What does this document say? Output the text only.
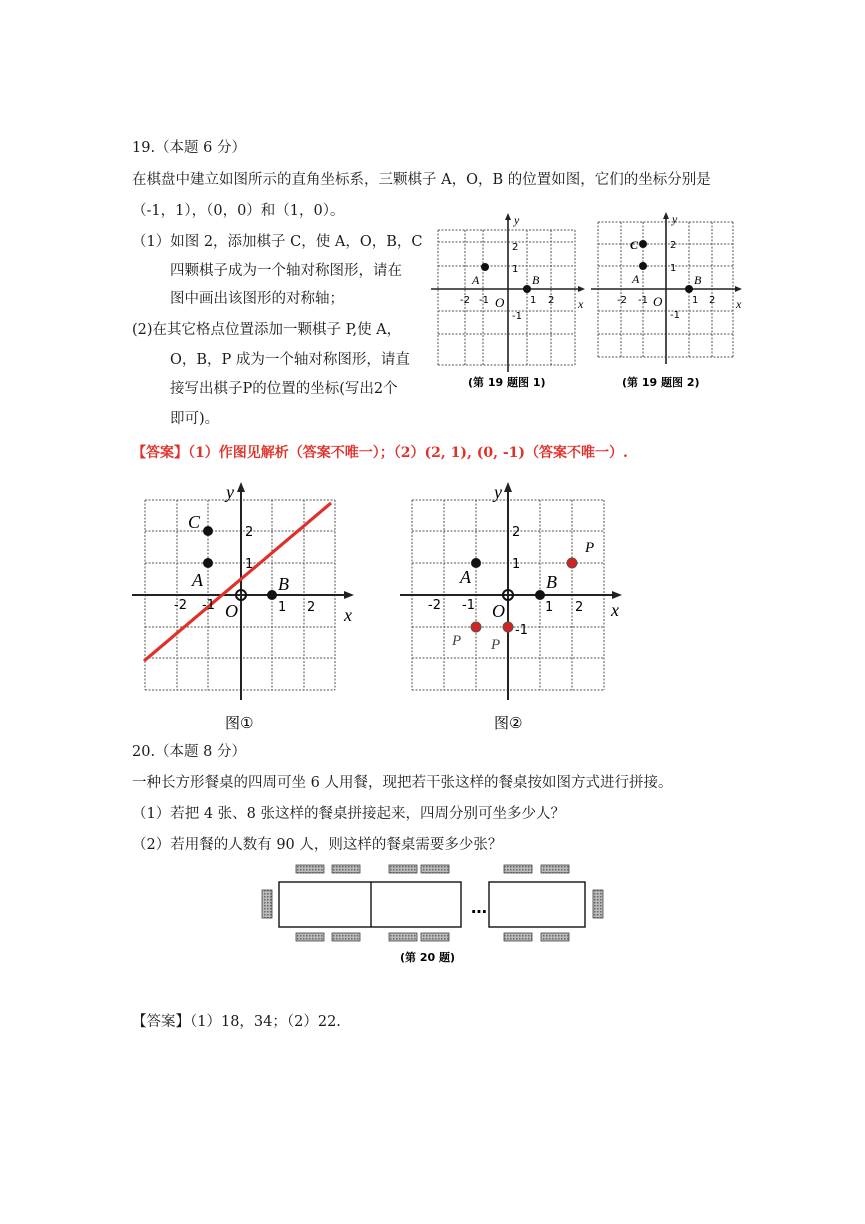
19.（本题 6 分）
在棋盘中建立如图所示的直角坐标系，三颗棋子 A，O，B 的位置如图，它们的坐标分别是
（-1，1），（0，0）和（1，0）。
（1）如图 2，添加棋子 C，使 A，O，B，C
四颗棋子成为一个轴对称图形，请在
图中画出该图形的对称轴；
(2)在其它格点位置添加一颗棋子 P,使 A，
O，B，P 成为一个轴对称图形，请直
接写出棋子P的位置的坐标(写出2个
即可)。
-2 -1	1 2
2
1
-1
O	x
y
A	B
(第 19 题图 1)
-2 -1	1 2
2
1
-1
O	x
y
C
A	B
(第 19 题图 2)
【答案】（1）作图见解析（答案不唯一）；（2）(2, 1), (0, -1)（答案不唯一）.
-2 -1	1 2
2
1
O	x
y
C
A	B
图①
-2 -1	1 2
2
1
-1
O	x
y
A	B
P
P P
图②
20.（本题 8 分）
一种长方形餐桌的四周可坐 6 人用餐，现把若干张这样的餐桌按如图方式进行拼接。
（1）若把 4 张、8 张这样的餐桌拼接起来，四周分别可坐多少人？
（2）若用餐的人数有 90 人，则这样的餐桌需要多少张？
…
(第 20 题)
【答案】（1）18，34；（2）22.
